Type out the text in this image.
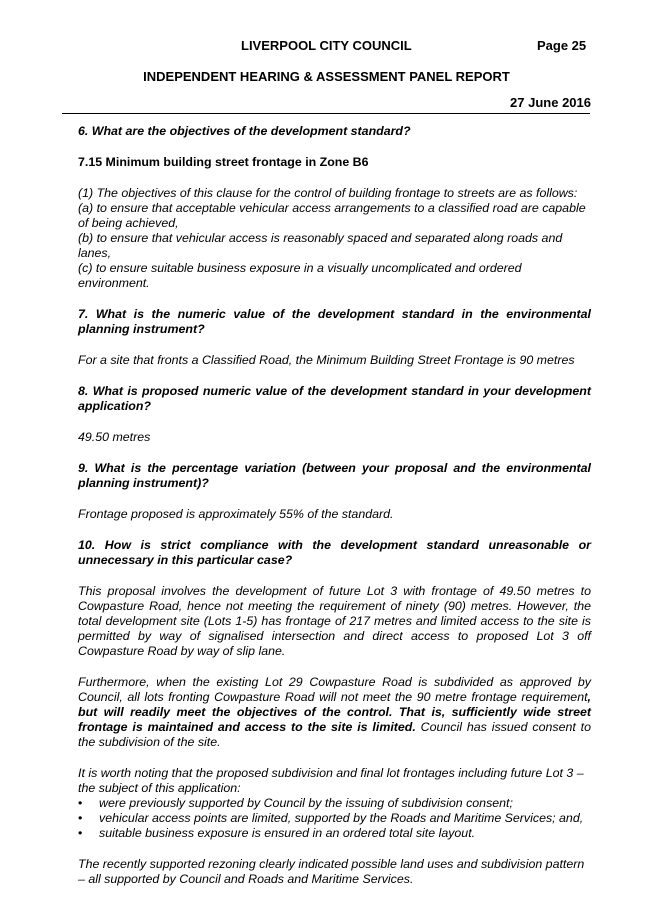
LIVERPOOL CITY COUNCIL	Page 25
INDEPENDENT HEARING & ASSESSMENT PANEL REPORT
27 June 2016

6. What are the objectives of the development standard?

7.15 Minimum building street frontage in Zone B6

(1) The objectives of this clause for the control of building frontage to streets are as follows:
(a) to ensure that acceptable vehicular access arrangements to a classified road are capable of being achieved,
(b) to ensure that vehicular access is reasonably spaced and separated along roads and lanes,
(c) to ensure suitable business exposure in a visually uncomplicated and ordered environment.

7. What is the numeric value of the development standard in the environmental planning instrument?

For a site that fronts a Classified Road, the Minimum Building Street Frontage is 90 metres

8. What is proposed numeric value of the development standard in your development application?

49.50 metres

9. What is the percentage variation (between your proposal and the environmental planning instrument)?

Frontage proposed is approximately 55% of the standard.

10. How is strict compliance with the development standard unreasonable or unnecessary in this particular case?

This proposal involves the development of future Lot 3 with frontage of 49.50 metres to Cowpasture Road, hence not meeting the requirement of ninety (90) metres. However, the total development site (Lots 1-5) has frontage of 217 metres and limited access to the site is permitted by way of signalised intersection and direct access to proposed Lot 3 off Cowpasture Road by way of slip lane.

Furthermore, when the existing Lot 29 Cowpasture Road is subdivided as approved by Council, all lots fronting Cowpasture Road will not meet the 90 metre frontage requirement, but will readily meet the objectives of the control. That is, sufficiently wide street frontage is maintained and access to the site is limited. Council has issued consent to the subdivision of the site.

It is worth noting that the proposed subdivision and final lot frontages including future Lot 3 – the subject of this application:

• were previously supported by Council by the issuing of subdivision consent;
• vehicular access points are limited, supported by the Roads and Maritime Services; and,
• suitable business exposure is ensured in an ordered total site layout.

The recently supported rezoning clearly indicated possible land uses and subdivision pattern – all supported by Council and Roads and Maritime Services.
